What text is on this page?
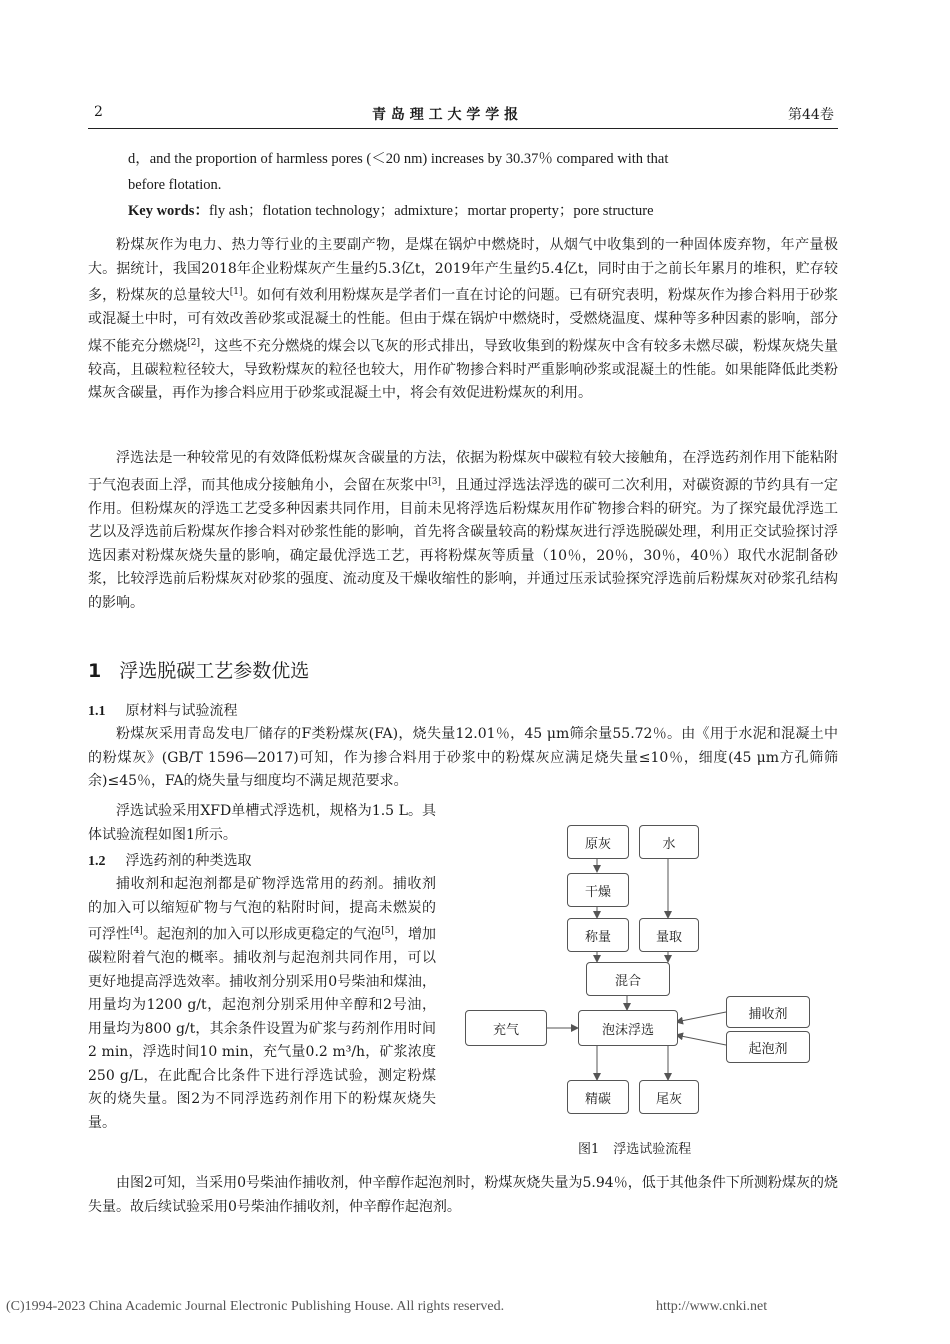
2	青 岛 理 工 大 学 学 报	第44卷
d，and the proportion of harmless pores (＜20 nm) increases by 30.37％ compared with that
before flotation.
Key words：fly ash；flotation technology；admixture；mortar property；pore structure

粉煤灰作为电力、热力等行业的主要副产物，是煤在锅炉中燃烧时，从烟气中收集到的一种固体废弃物，年产量极大。据统计，我国2018年企业粉煤灰产生量约5.3亿t，2019年产生量约5.4亿t，同时由于之前长年累月的堆积，贮存较多，粉煤灰的总量较大[1]。如何有效利用粉煤灰是学者们一直在讨论的问题。已有研究表明，粉煤灰作为掺合料用于砂浆或混凝土中时，可有效改善砂浆或混凝土的性能。但由于煤在锅炉中燃烧时，受燃烧温度、煤种等多种因素的影响，部分煤不能充分燃烧[2]，这些不充分燃烧的煤会以飞灰的形式排出，导致收集到的粉煤灰中含有较多未燃尽碳，粉煤灰烧失量较高，且碳粒粒径较大，导致粉煤灰的粒径也较大，用作矿物掺合料时严重影响砂浆或混凝土的性能。如果能降低此类粉煤灰含碳量，再作为掺合料应用于砂浆或混凝土中，将会有效促进粉煤灰的利用。

浮选法是一种较常见的有效降低粉煤灰含碳量的方法，依据为粉煤灰中碳粒有较大接触角，在浮选药剂作用下能粘附于气泡表面上浮，而其他成分接触角小，会留在灰浆中[3]，且通过浮选法浮选的碳可二次利用，对碳资源的节约具有一定作用。但粉煤灰的浮选工艺受多种因素共同作用，目前未见将浮选后粉煤灰用作矿物掺合料的研究。为了探究最优浮选工艺以及浮选前后粉煤灰作掺合料对砂浆性能的影响，首先将含碳量较高的粉煤灰进行浮选脱碳处理，利用正交试验探讨浮选因素对粉煤灰烧失量的影响，确定最优浮选工艺，再将粉煤灰等质量（10％，20％，30％，40％）取代水泥制备砂浆，比较浮选前后粉煤灰对砂浆的强度、流动度及干燥收缩性的影响，并通过压汞试验探究浮选前后粉煤灰对砂浆孔结构的影响。

1 浮选脱碳工艺参数优选
1.1 原材料与试验流程

粉煤灰采用青岛发电厂储存的F类粉煤灰(FA)，烧失量12.01％，45 μm筛余量55.72％。由《用于水泥和混凝土中的粉煤灰》(GB/T 1596—2017)可知，作为掺合料用于砂浆中的粉煤灰应满足烧失量≤10％，细度(45 μm方孔筛筛余)≤45％，FA的烧失量与细度均不满足规范要求。

浮选试验采用XFD单槽式浮选机，规格为1.5 L。具体试验流程如图1所示。

1.2 浮选药剂的种类选取

捕收剂和起泡剂都是矿物浮选常用的药剂。捕收剂的加入可以缩短矿物与气泡的粘附时间，提高未燃炭的可浮性[4]。起泡剂的加入可以形成更稳定的气泡[5]，增加碳粒附着气泡的概率。捕收剂与起泡剂共同作用，可以更好地提高浮选效率。捕收剂分别采用0号柴油和煤油，用量均为1200 g/t，起泡剂分别采用仲辛醇和2号油，用量均为800 g/t，其余条件设置为矿浆与药剂作用时间2 min，浮选时间10 min，充气量0.2 m³/h，矿浆浓度250 g/L，在此配合比条件下进行浮选试验，测定粉煤灰的烧失量。图2为不同浮选药剂作用下的粉煤灰烧失量。

由图2可知，当采用0号柴油作捕收剂，仲辛醇作起泡剂时，粉煤灰烧失量为5.94％，低于其他条件下所测粉煤灰的烧失量。故后续试验采用0号柴油作捕收剂，仲辛醇作起泡剂。

原灰	水
干燥
称量	量取
混合
泡沫浮选
充气
捕收剂
起泡剂
精碳	尾灰
图1 浮选试验流程
(C)1994-2023 China Academic Journal Electronic Publishing House. All rights reserved.	http://www.cnki.net
